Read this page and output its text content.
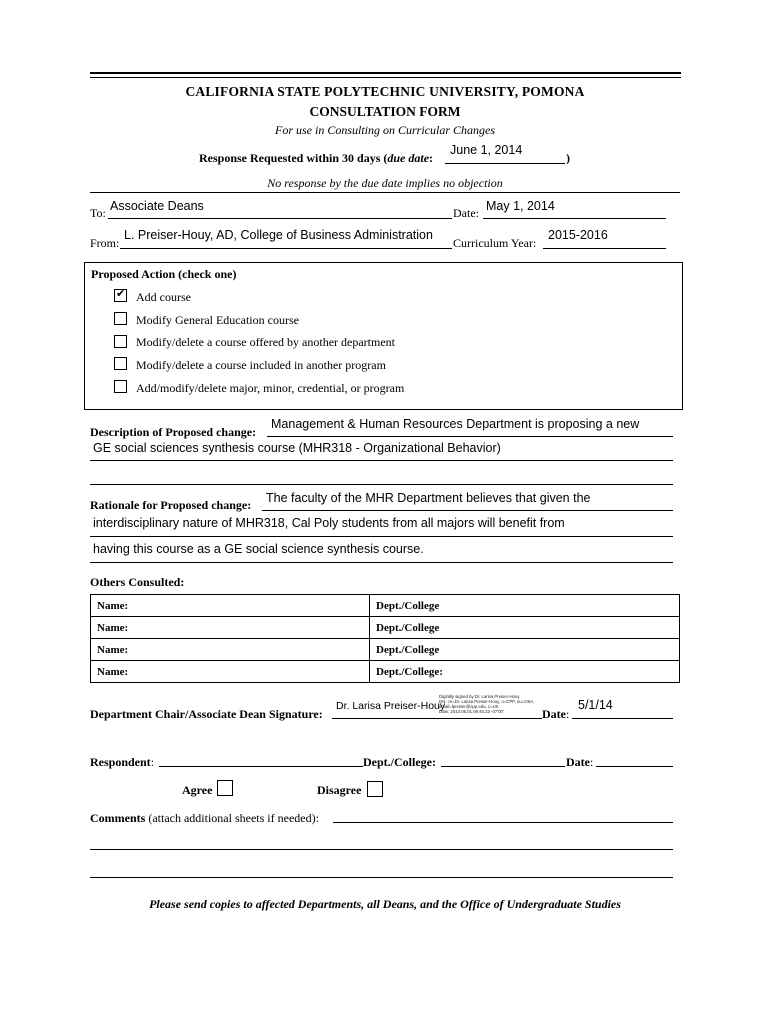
CALIFORNIA STATE POLYTECHNIC UNIVERSITY, POMONA
CONSULTATION FORM
For use in Consulting on Curricular Changes
Response Requested within 30 days (due date:
June 1, 2014
)
No response by the due date implies no objection
To: Associate Deans	Date: May 1, 2014
From:
L. Preiser-Houy, AD, College of Business Administration
Curriculum Year:
2015-2016
Proposed Action (check one)
✔
Add course
Modify General Education course
Modify/delete a course offered by another department
Modify/delete a course included in another program
Add/modify/delete major, minor, credential, or program
Description of Proposed change:
Management & Human Resources Department is proposing a new
GE social sciences synthesis course (MHR318 - Organizational Behavior)
Rationale for Proposed change: The faculty of the MHR Department believes that given the
interdisciplinary nature of MHR318, Cal Poly students from all majors will benefit from
having this course as a GE social science synthesis course.
Others Consulted:
Name:	Dept./College
Name:	Dept./College
Name:	Dept./College
Name:	Dept./College:
Department Chair/Associate Dean Signature:
Dr. Larisa Preiser-Houy
Digitally signed by Dr. Larisa Preiser-Houy
DN: cn=Dr. Larisa Preiser-Houy, o=CPP, ou=CBA,
email=lpreiser@cpp.edu, c=US
Date: 2014.05.01 09:46:23 -07'00'	Date:
5/1/14
Respondent:	Dept./College:	Date:
Agree	Disagree
Comments (attach additional sheets if needed):
Please send copies to affected Departments, all Deans, and the Office of Undergraduate Studies
